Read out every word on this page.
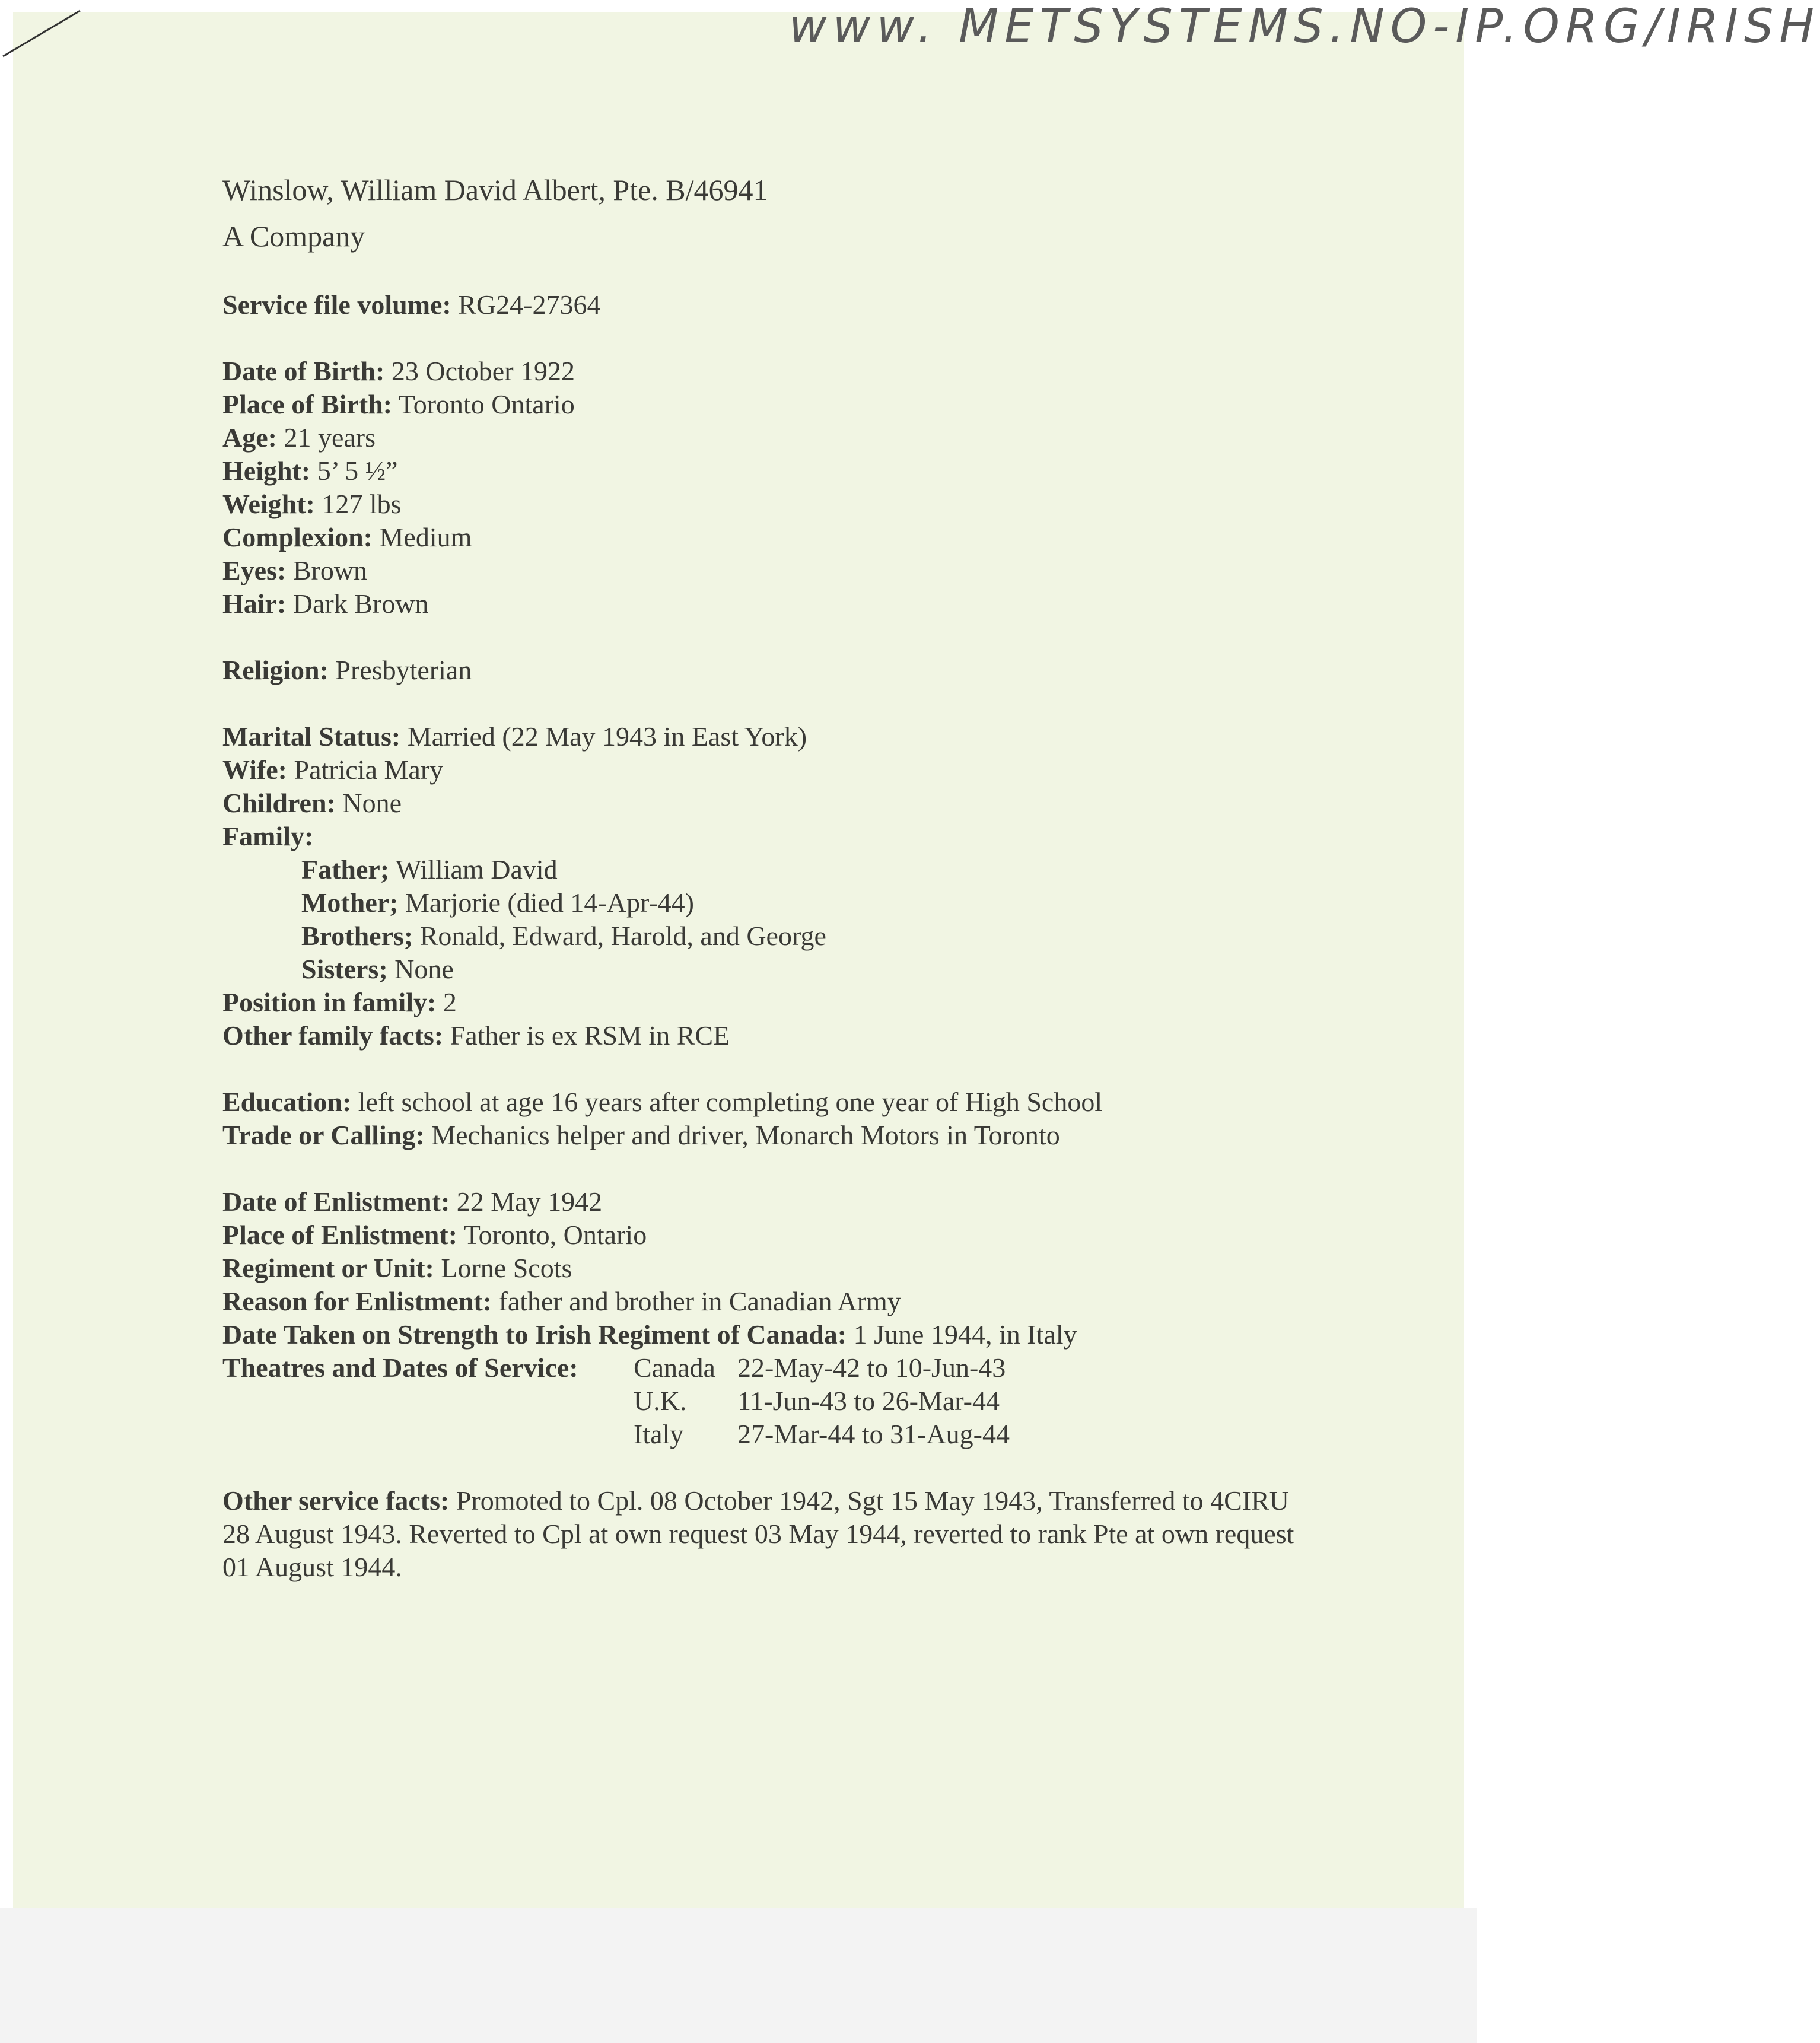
www. METSYSTEMS.NO-IP.ORG/IRISH
Winslow, William David Albert, Pte. B/46941
A Company
Service file volume: RG24-27364
Date of Birth: 23 October 1922
Place of Birth: Toronto Ontario
Age: 21 years
Height: 5’ 5 ½”
Weight: 127 lbs
Complexion: Medium
Eyes: Brown
Hair: Dark Brown
Religion: Presbyterian
Marital Status: Married (22 May 1943 in East York)
Wife: Patricia Mary
Children: None
Family:
Father; William David
Mother; Marjorie (died 14-Apr-44)
Brothers; Ronald, Edward, Harold, and George
Sisters; None
Position in family: 2
Other family facts: Father is ex RSM in RCE
Education: left school at age 16 years after completing one year of High School
Trade or Calling: Mechanics helper and driver, Monarch Motors in Toronto
Date of Enlistment: 22 May 1942
Place of Enlistment: Toronto, Ontario
Regiment or Unit: Lorne Scots
Reason for Enlistment: father and brother in Canadian Army
Date Taken on Strength to Irish Regiment of Canada: 1 June 1944, in Italy
Theatres and Dates of Service:	Canada 22-May-42 to 10-Jun-43
U.K.	11-Jun-43 to 26-Mar-44
Italy	27-Mar-44 to 31-Aug-44
Other service facts: Promoted to Cpl. 08 October 1942, Sgt 15 May 1943, Transferred to 4CIRU 28 August 1943. Reverted to Cpl at own request 03 May 1944, reverted to rank Pte at own request 01 August 1944.
